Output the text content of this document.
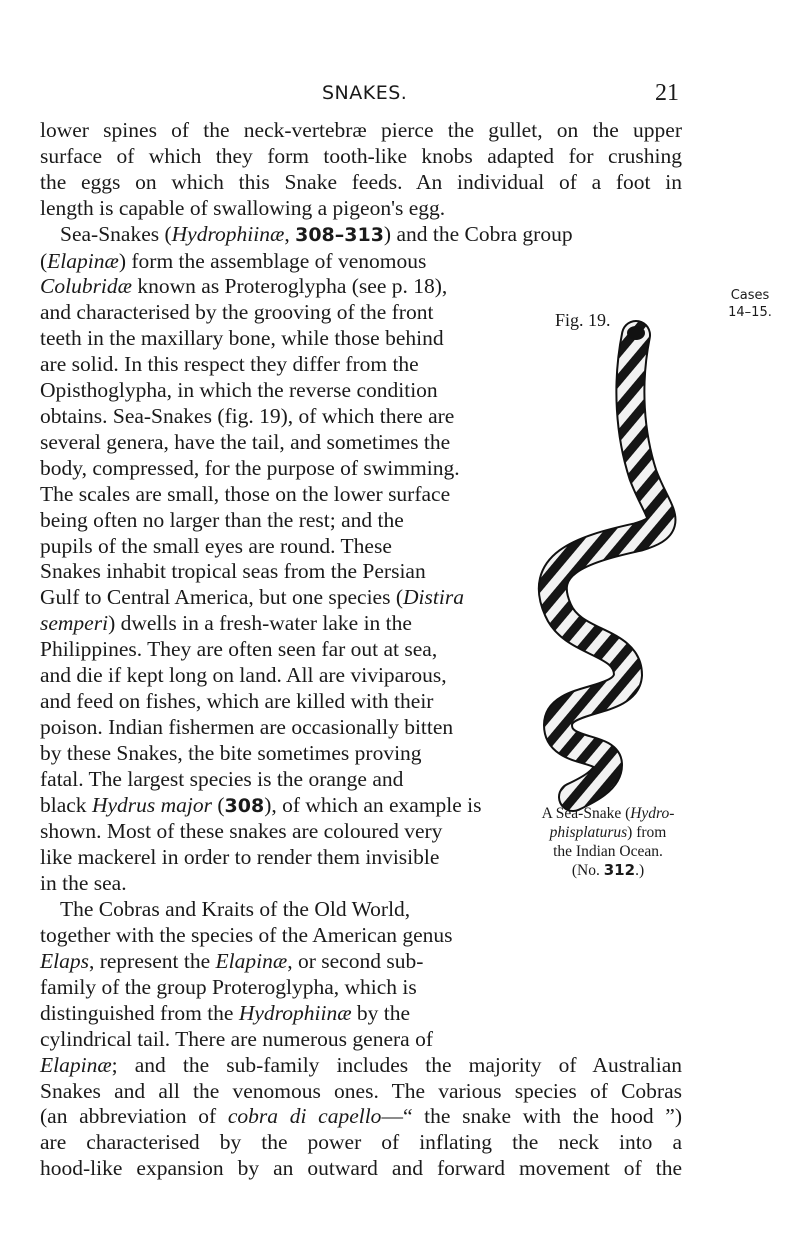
SNAKES.	21
Cases
14–15.
lower spines of the neck-vertebræ pierce the gullet, on the upper
surface of which they form tooth-like knobs adapted for crushing
the eggs on which this Snake feeds. An individual of a foot in
length is capable of swallowing a pigeon's egg.
Sea-Snakes (Hydrophiinæ, 308–313) and the Cobra group
(Elapinæ) form the assemblage of venomous
Colubridæ known as Proteroglypha (see p. 18),
and characterised by the grooving of the front
teeth in the maxillary bone, while those behind
are solid. In this respect they differ from the
Opisthoglypha, in which the reverse condition
obtains. Sea-Snakes (fig. 19), of which there are
several genera, have the tail, and sometimes the
body, compressed, for the purpose of swimming.
The scales are small, those on the lower surface
being often no larger than the rest; and the
pupils of the small eyes are round. These
Snakes inhabit tropical seas from the Persian
Gulf to Central America, but one species (Distira
semperi) dwells in a fresh-water lake in the
Philippines. They are often seen far out at sea,
and die if kept long on land. All are viviparous,
and feed on fishes, which are killed with their
poison. Indian fishermen are occasionally bitten
by these Snakes, the bite sometimes proving
fatal. The largest species is the orange and
black Hydrus major (308), of which an example is
shown. Most of these snakes are coloured very
like mackerel in order to render them invisible
in the sea.
The Cobras and Kraits of the Old World,
together with the species of the American genus
Elaps, represent the Elapinæ, or second sub-
family of the group Proteroglypha, which is
distinguished from the Hydrophiinæ by the
cylindrical tail. There are numerous genera of
Elapinæ; and the sub-family includes the majority of Australian
Snakes and all the venomous ones. The various species of Cobras
(an abbreviation of cobra di capello—“ the snake with the hood ”)
are characterised by the power of inflating the neck into a
hood-like expansion by an outward and forward movement of the
Fig. 19.
A Sea-Snake (Hydro-
phisplaturus) from
the Indian Ocean.
(No. 312.)
